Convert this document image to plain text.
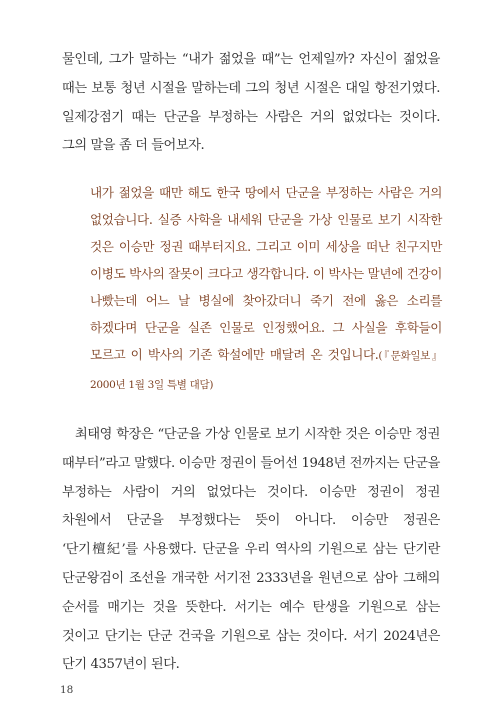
물인데, 그가 말하는 “내가 젊었을 때”는 언제일까? 자신이 젊었을 때는 보통 청년 시절을 말하는데 그의 청년 시절은 대일 항전기였다. 일제강점기 때는 단군을 부정하는 사람은 거의 없었다는 것이다. 그의 말을 좀 더 들어보자.

내가 젊었을 때만 해도 한국 땅에서 단군을 부정하는 사람은 거의 없었습니다. 실증 사학을 내세워 단군을 가상 인물로 보기 시작한 것은 이승만 정권 때부터지요. 그리고 이미 세상을 떠난 친구지만 이병도 박사의 잘못이 크다고 생각합니다. 이 박사는 말년에 건강이 나빴는데 어느 날 병실에 찾아갔더니 죽기 전에 옳은 소리를 하겠다며 단군을 실존 인물로 인정했어요. 그 사실을 후학들이 모르고 이 박사의 기존 학설에만 매달려 온 것입니다.(『문화일보』 2000년 1월 3일 특별 대담)

최태영 학장은 “단군을 가상 인물로 보기 시작한 것은 이승만 정권 때부터”라고 말했다. 이승만 정권이 들어선 1948년 전까지는 단군을 부정하는 사람이 거의 없었다는 것이다. 이승만 정권이 정권 차원에서 단군을 부정했다는 뜻이 아니다. 이승만 정권은 ‘단기檀紀’를 사용했다. 단군을 우리 역사의 기원으로 삼는 단기란 단군왕검이 조선을 개국한 서기전 2333년을 원년으로 삼아 그해의 순서를 매기는 것을 뜻한다. 서기는 예수 탄생을 기원으로 삼는 것이고 단기는 단군 건국을 기원으로 삼는 것이다. 서기 2024년은 단기 4357년이 된다.

18
